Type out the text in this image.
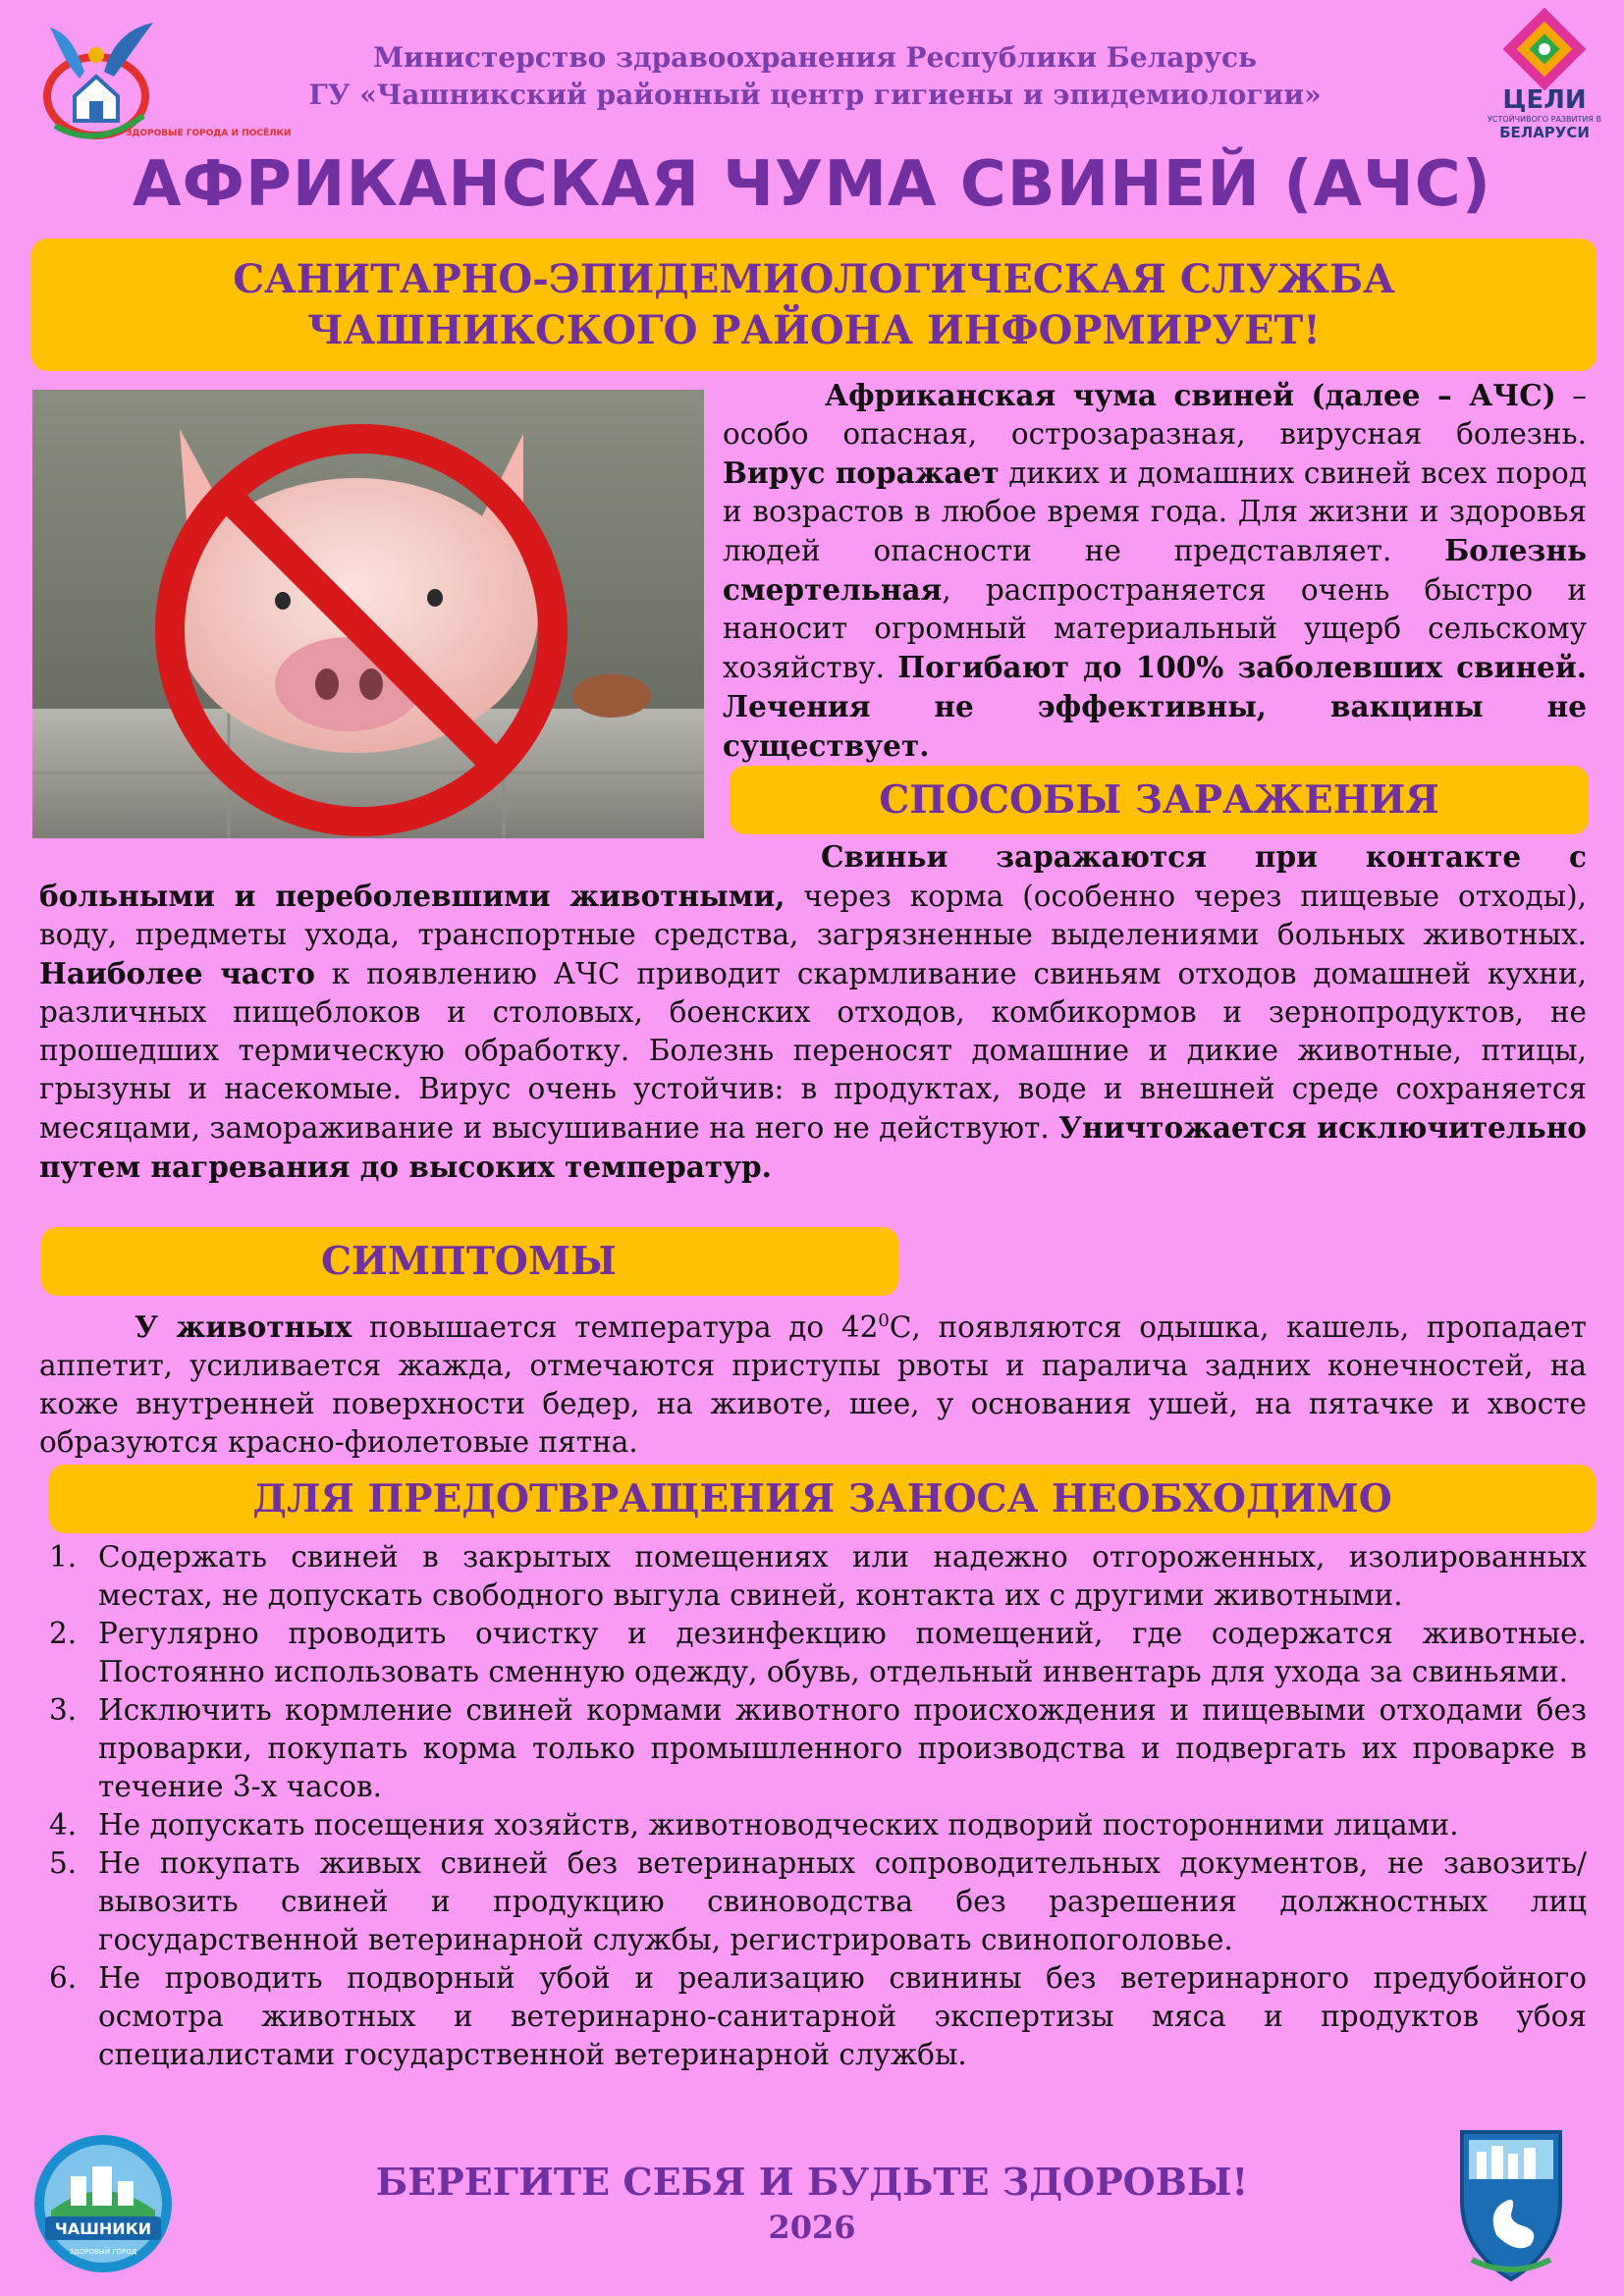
ЗДОРОВЫЕ ГОРОДА И ПОСЁЛКИ
ЦЕЛИ
УСТОЙЧИВОГО РАЗВИТИЯ В
БЕЛАРУСИ
Министерство здравоохранения Республики Беларусь
ГУ «Чашникский районный центр гигиены и эпидемиологии»
АФРИКАНСКАЯ ЧУМА СВИНЕЙ (АЧС)
САНИТАРНО-ЭПИДЕМИОЛОГИЧЕСКАЯ СЛУЖБА
ЧАШНИКСКОГО РАЙОНА ИНФОРМИРУЕТ!
Африканская чума свиней (далее – АЧС) – особо опасная, острозаразная, вирусная болезнь. Вирус поражает диких и домашних свиней всех пород и возрастов в любое время года. Для жизни и здоровья людей опасности не представляет. Болезнь смертельная, распространяется очень быстро и наносит огромный материальный ущерб сельскому хозяйству. Погибают до 100% заболевших свиней. Лечения не эффективны, вакцины не существует.
СПОСОБЫ ЗАРАЖЕНИЯ
Свиньи заражаются при контакте с больными и переболевшими животными, через корма (особенно через пищевые отходы), воду, предметы ухода, транспортные средства, загрязненные выделениями больных животных. Наиболее часто к появлению АЧС приводит скармливание свиньям отходов домашней кухни, различных пищеблоков и столовых, боенских отходов, комбикормов и зернопродуктов, не прошедших термическую обработку. Болезнь переносят домашние и дикие животные, птицы, грызуны и насекомые. Вирус очень устойчив: в продуктах, воде и внешней среде сохраняется месяцами, замораживание и высушивание на него не действуют. Уничтожается исключительно путем нагревания до высоких температур.
СИМПТОМЫ
У животных повышается температура до $42^0С$, появляются одышка, кашель, пропадает аппетит, усиливается жажда, отмечаются приступы рвоты и паралича задних конечностей, на коже внутренней поверхности бедер, на животе, шее, у основания ушей, на пятачке и хвосте образуются красно-фиолетовые пятна.
ДЛЯ ПРЕДОТВРАЩЕНИЯ ЗАНОСА НЕОБХОДИМО
1. Содержать свиней в закрытых помещениях или надежно отгороженных, изолированных местах, не допускать свободного выгула свиней, контакта их с другими животными.
2. Регулярно проводить очистку и дезинфекцию помещений, где содержатся животные. Постоянно использовать сменную одежду, обувь, отдельный инвентарь для ухода за свиньями.
3. Исключить кормление свиней кормами животного происхождения и пищевыми отходами без проварки, покупать корма только промышленного производства и подвергать их проварке в течение 3-х часов.
4. Не допускать посещения хозяйств, животноводческих подворий посторонними лицами.
5. Не покупать живых свиней без ветеринарных сопроводительных документов, не завозить/вывозить свиней и продукцию свиноводства без разрешения должностных лиц государственной ветеринарной службы, регистрировать свинопоголовье.
6. Не проводить подворный убой и реализацию свинины без ветеринарного предубойного осмотра животных и ветеринарно-санитарной экспертизы мяса и продуктов убоя специалистами государственной ветеринарной службы.
ЧАШНИКИ
ЗДОРОВЫЙ ГОРОД
БЕРЕГИТЕ СЕБЯ И БУДЬТЕ ЗДОРОВЫ!
2026
